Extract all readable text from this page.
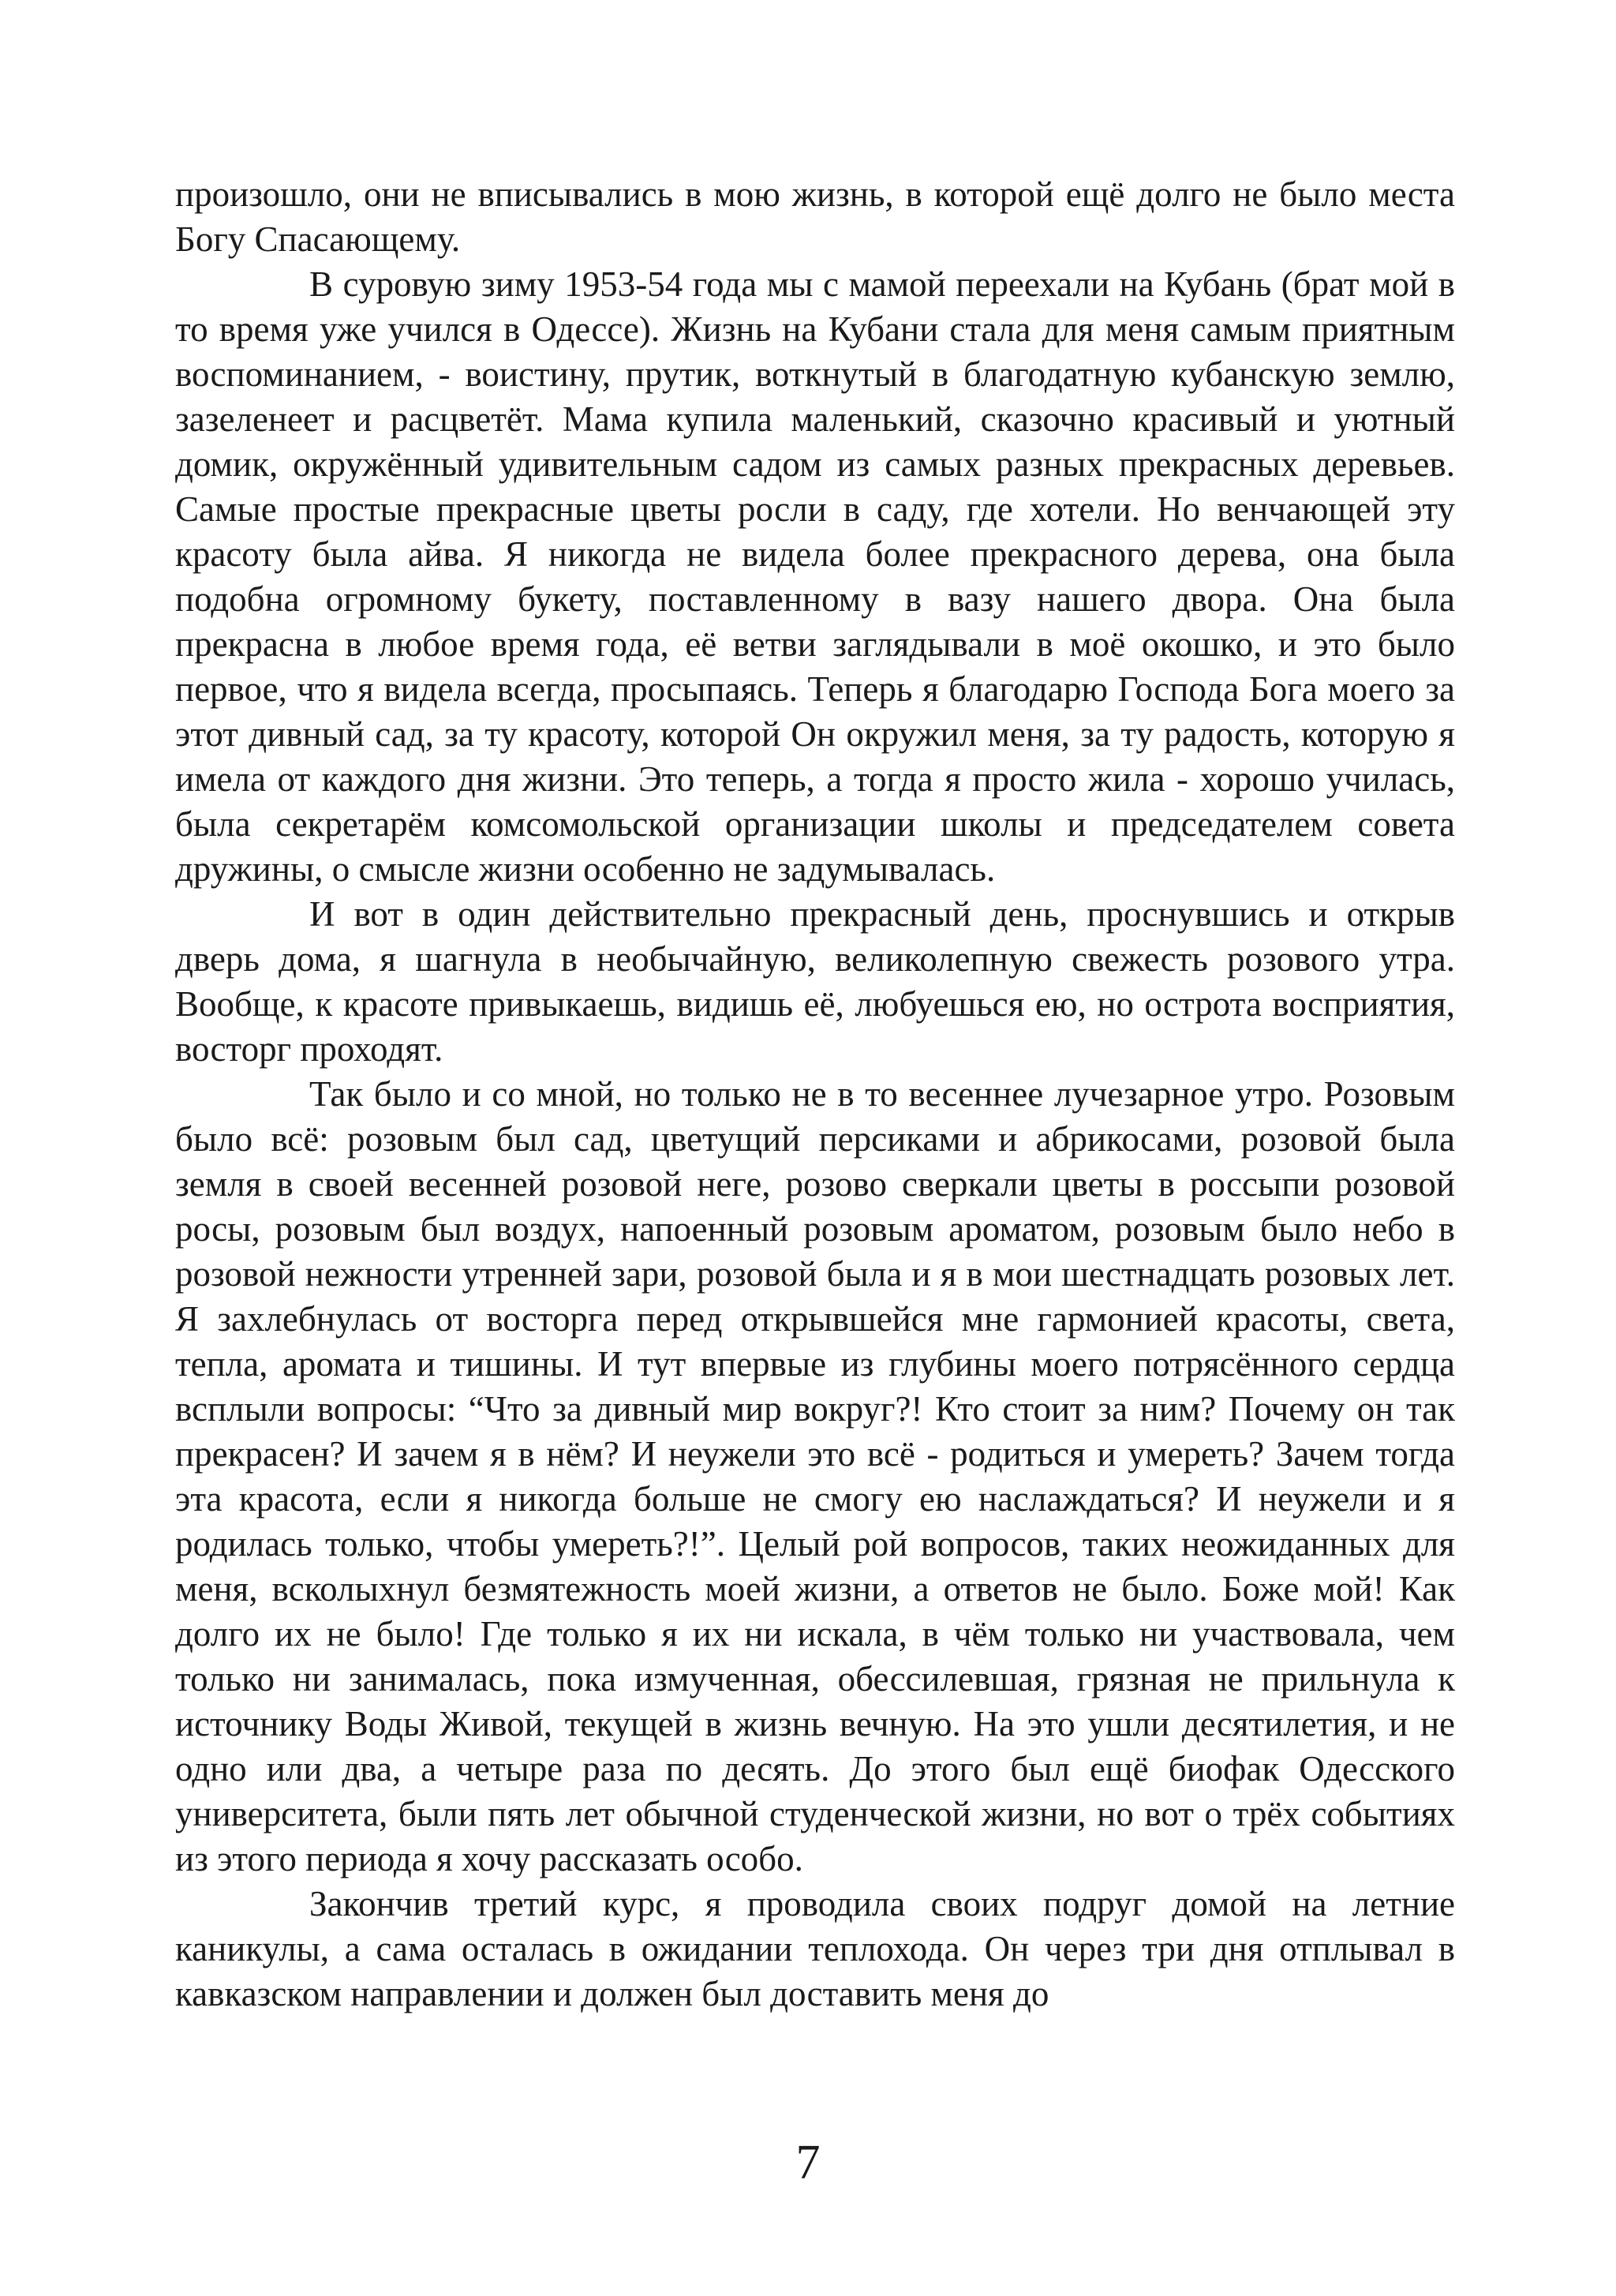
произошло, они не вписывались в мою жизнь, в которой ещё долго не было места Богу Спасающему.

В суровую зиму 1953-54 года мы с мамой переехали на Кубань (брат мой в то время уже учился в Одессе). Жизнь на Кубани стала для меня самым приятным воспоминанием, - воистину, прутик, воткнутый в благодатную кубанскую землю, зазеленеет и расцветёт. Мама купила маленький, сказочно красивый и уютный домик, окружённый удивительным садом из самых разных прекрасных деревьев. Самые простые прекрасные цветы росли в саду, где хотели. Но венчающей эту красоту была айва. Я никогда не видела более прекрасного дерева, она была подобна огромному букету, поставленному в вазу нашего двора. Она была прекрасна в любое время года, её ветви заглядывали в моё окошко, и это было первое, что я видела всегда, просыпаясь. Теперь я благодарю Господа Бога моего за этот дивный сад, за ту красоту, которой Он окружил меня, за ту радость, которую я имела от каждого дня жизни. Это теперь, а тогда я просто жила - хорошо училась, была секретарём комсомольской организации школы и председателем совета дружины, о смысле жизни особенно не задумывалась.

И вот в один действительно прекрасный день, проснувшись и открыв дверь дома, я шагнула в необычайную, великолепную свежесть розового утра. Вообще, к красоте привыкаешь, видишь её, любуешься ею, но острота восприятия, восторг проходят.

Так было и со мной, но только не в то весеннее лучезарное утро. Розовым было всё: розовым был сад, цветущий персиками и абрикосами, розовой была земля в своей весенней розовой неге, розово сверкали цветы в россыпи розовой росы, розовым был воздух, напоенный розовым ароматом, розовым было небо в розовой нежности утренней зари, розовой была и я в мои шестнадцать розовых лет. Я захлебнулась от восторга перед открывшейся мне гармонией красоты, света, тепла, аромата и тишины. И тут впервые из глубины моего потрясённого сердца всплыли вопросы: “Что за дивный мир вокруг?! Кто стоит за ним? Почему он так прекрасен? И зачем я в нём? И неужели это всё - родиться и умереть? Зачем тогда эта красота, если я никогда больше не смогу ею наслаждаться? И неужели и я родилась только, чтобы умереть?!”. Целый рой вопросов, таких неожиданных для меня, всколыхнул безмятежность моей жизни, а ответов не было. Боже мой! Как долго их не было! Где только я их ни искала, в чём только ни участвовала, чем только ни занималась, пока измученная, обессилевшая, грязная не прильнула к источнику Воды Живой, текущей в жизнь вечную. На это ушли десятилетия, и не одно или два, а четыре раза по десять. До этого был ещё биофак Одесского университета, были пять лет обычной студенческой жизни, но вот о трёх событиях из этого периода я хочу рассказать особо.

Закончив третий курс, я проводила своих подруг домой на летние каникулы, а сама осталась в ожидании теплохода. Он через три дня отплывал в кавказском направлении и должен был доставить меня до

7
